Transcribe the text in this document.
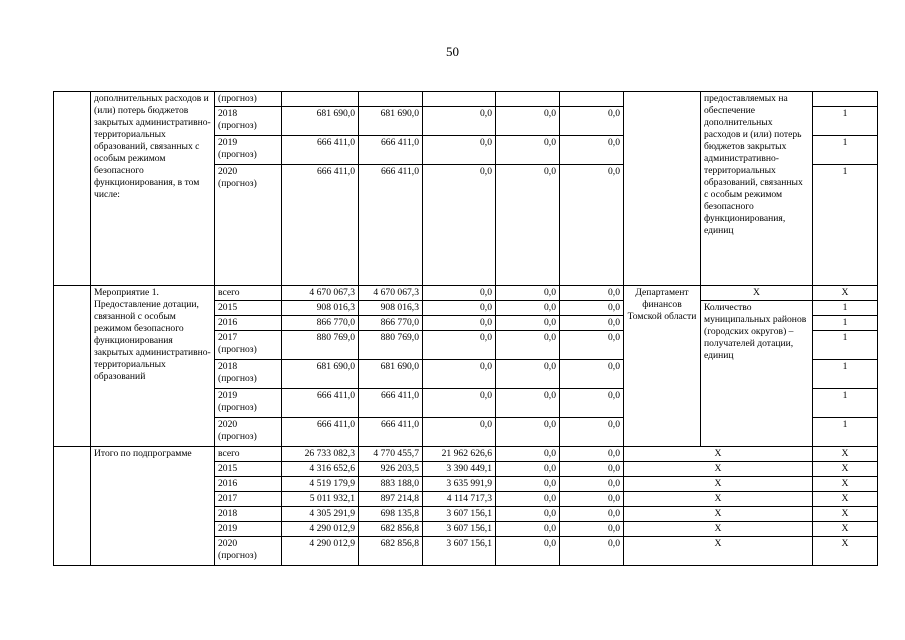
50
	дополнительных расходов и (или) потерь бюджетов закрытых административно-территориальных образований, связанных с особым режимом безопасного функционирования, в том числе:	(прогноз)							предоставляемых на обеспечение дополнительных расходов и (или) потерь бюджетов закрытых административно-территориальных образований, связанных с особым режимом безопасного функционирования, единиц	
		2018 (прогноз)	681 690,0	681 690,0	0,0	0,0	0,0			1
		2019 (прогноз)	666 411,0	666 411,0	0,0	0,0	0,0			1
		2020 (прогноз)	666 411,0	666 411,0	0,0	0,0	0,0			1
	Мероприятие 1. Предоставление дотации, связанной с особым режимом безопасного функционирования закрытых административно-территориальных образований	всего	4 670 067,3	4 670 067,3	0,0	0,0	0,0	Департамент финансов Томской области	Х	Х
		2015	908 016,3	908 016,3	0,0	0,0	0,0		Количество муниципальных районов (городских округов) – получателей дотации, единиц	1
		2016	866 770,0	866 770,0	0,0	0,0	0,0			1
		2017 (прогноз)	880 769,0	880 769,0	0,0	0,0	0,0			1
		2018 (прогноз)	681 690,0	681 690,0	0,0	0,0	0,0			1
		2019 (прогноз)	666 411,0	666 411,0	0,0	0,0	0,0			1
		2020 (прогноз)	666 411,0	666 411,0	0,0	0,0	0,0			1
	Итого по подпрограмме	всего	26 733 082,3	4 770 455,7	21 962 626,6	0,0	0,0	Х		Х
		2015	4 316 652,6	926 203,5	3 390 449,1	0,0	0,0	Х		Х
		2016	4 519 179,9	883 188,0	3 635 991,9	0,0	0,0	Х		Х
		2017	5 011 932,1	897 214,8	4 114 717,3	0,0	0,0	Х		Х
		2018	4 305 291,9	698 135,8	3 607 156,1	0,0	0,0	Х		Х
		2019	4 290 012,9	682 856,8	3 607 156,1	0,0	0,0	Х		Х
		2020 (прогноз)	4 290 012,9	682 856,8	3 607 156,1	0,0	0,0	Х		Х
